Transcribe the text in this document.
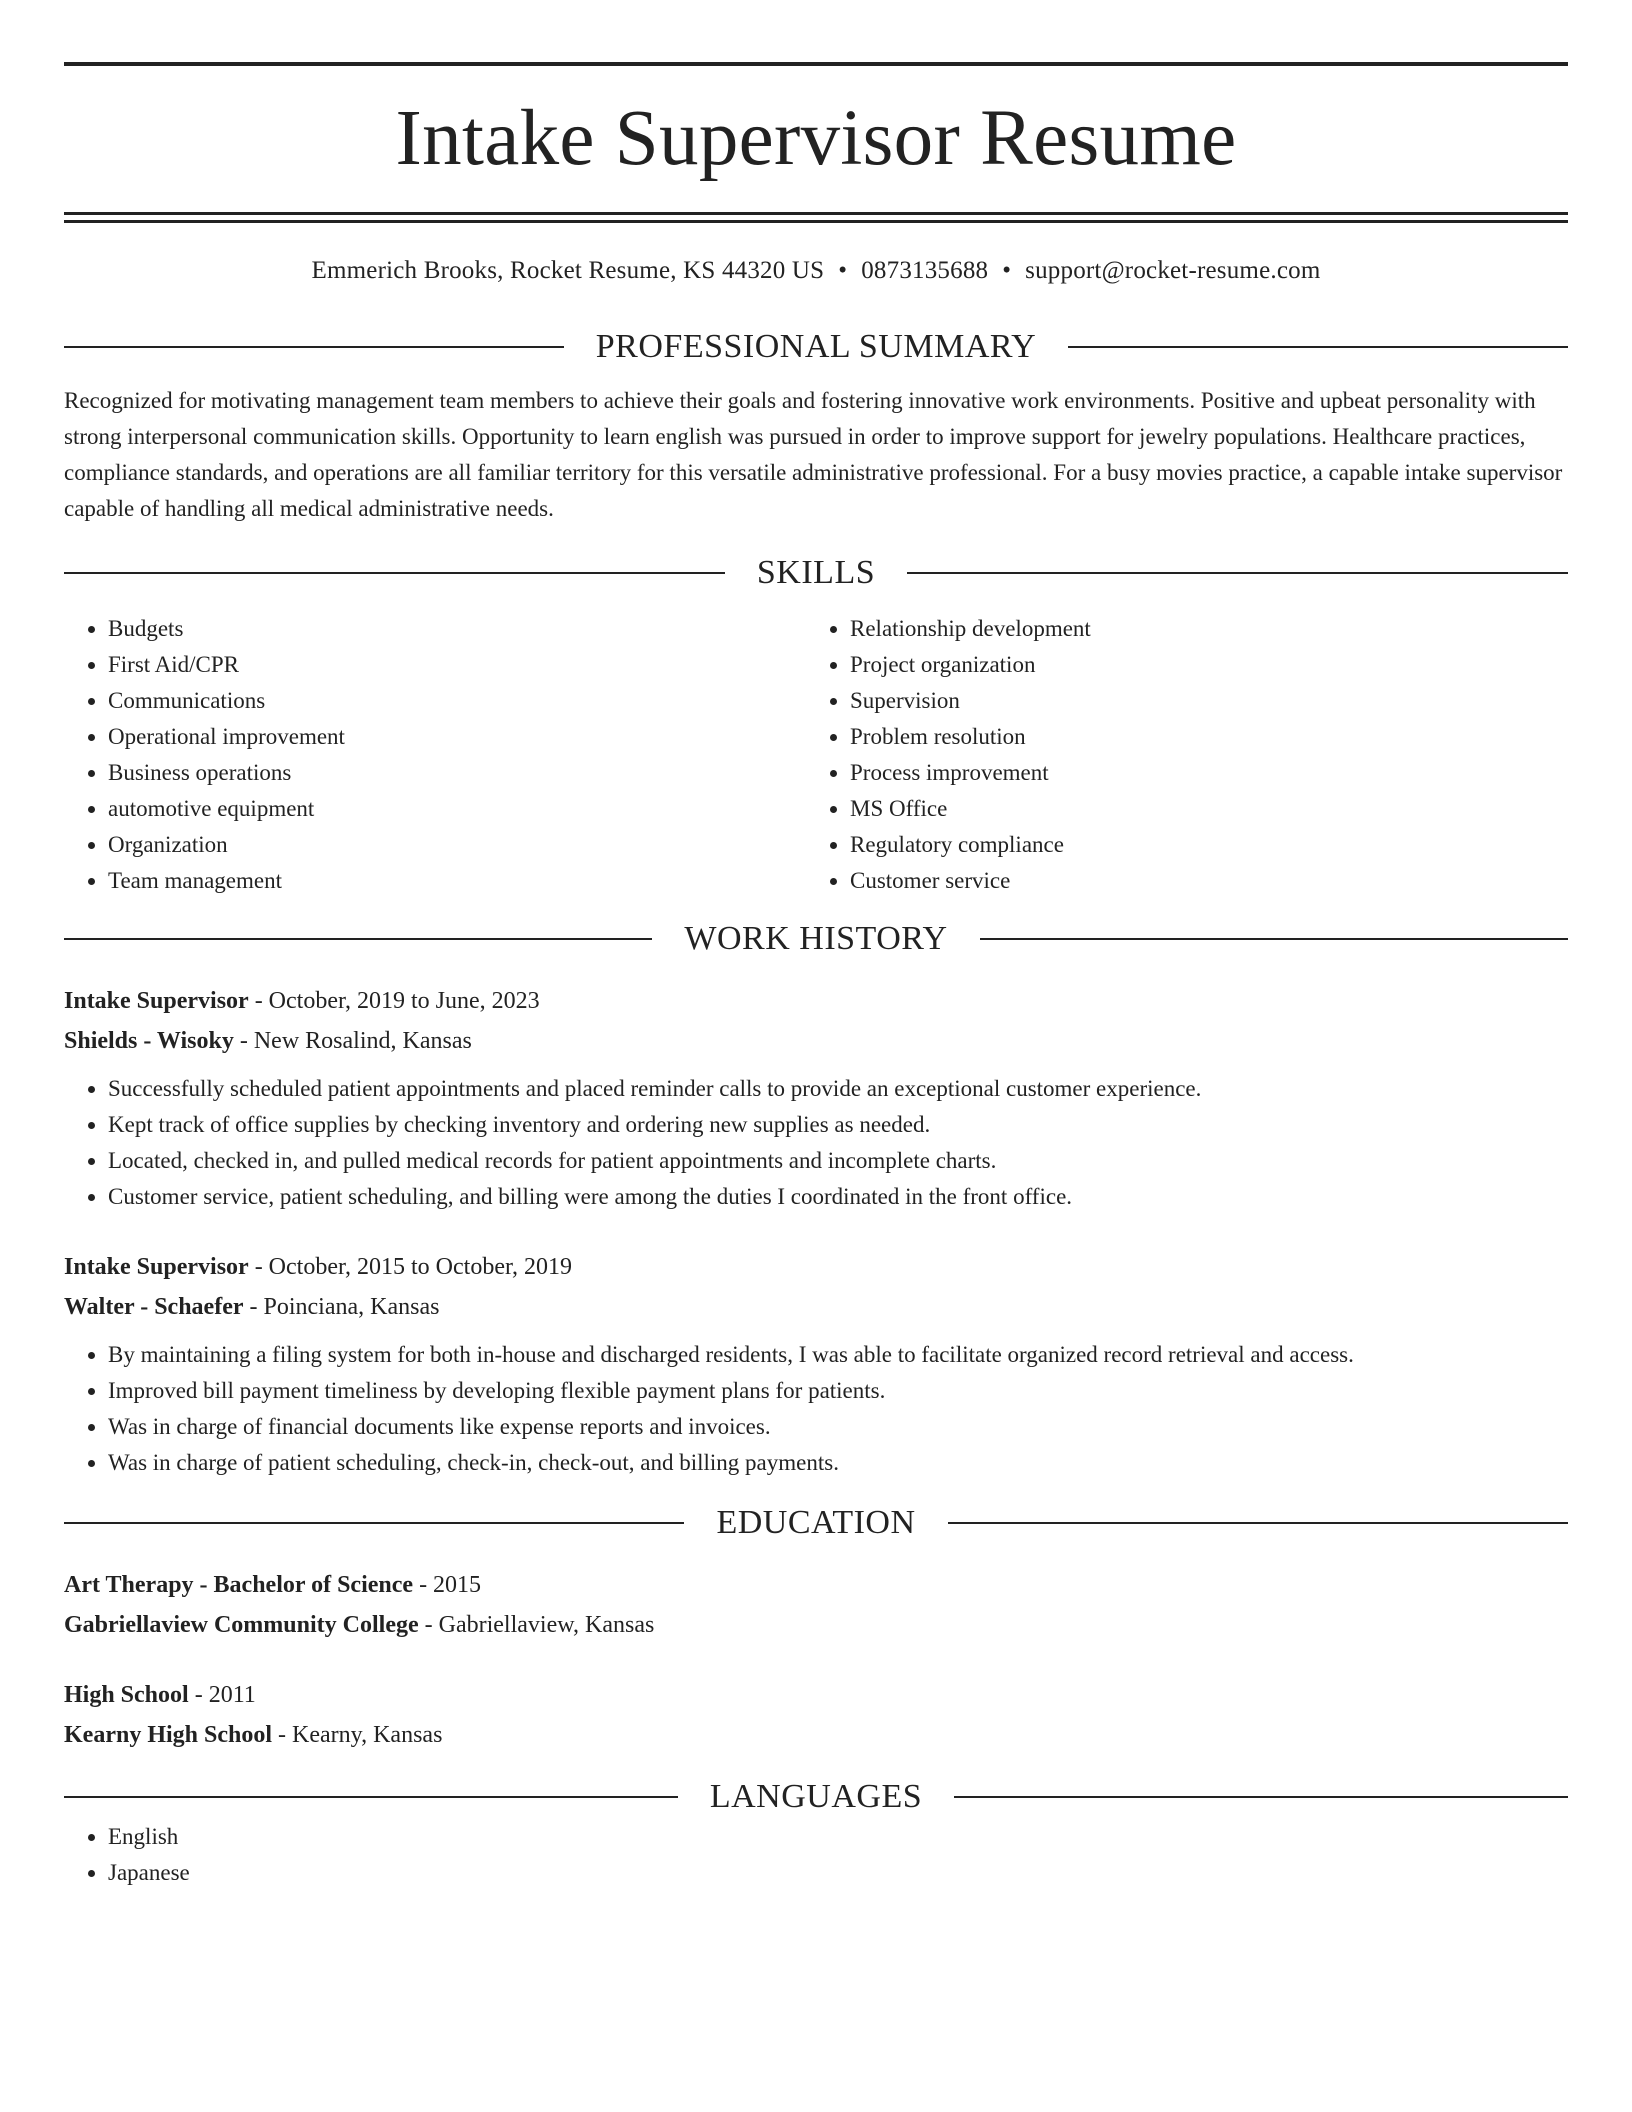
Intake Supervisor Resume
Emmerich Brooks, Rocket Resume, KS 44320 US • 0873135688 • support@rocket-resume.com
PROFESSIONAL SUMMARY
Recognized for motivating management team members to achieve their goals and fostering innovative work environments. Positive and upbeat personality with strong interpersonal communication skills. Opportunity to learn english was pursued in order to improve support for jewelry populations. Healthcare practices, compliance standards, and operations are all familiar territory for this versatile administrative professional. For a busy movies practice, a capable intake supervisor capable of handling all medical administrative needs.
SKILLS
• Budgets
• First Aid/CPR
• Communications
• Operational improvement
• Business operations
• automotive equipment
• Organization
• Team management
• Relationship development
• Project organization
• Supervision
• Problem resolution
• Process improvement
• MS Office
• Regulatory compliance
• Customer service
WORK HISTORY
Intake Supervisor - October, 2019 to June, 2023
Shields - Wisoky - New Rosalind, Kansas
• Successfully scheduled patient appointments and placed reminder calls to provide an exceptional customer experience.
• Kept track of office supplies by checking inventory and ordering new supplies as needed.
• Located, checked in, and pulled medical records for patient appointments and incomplete charts.
• Customer service, patient scheduling, and billing were among the duties I coordinated in the front office.
Intake Supervisor - October, 2015 to October, 2019
Walter - Schaefer - Poinciana, Kansas
• By maintaining a filing system for both in-house and discharged residents, I was able to facilitate organized record retrieval and access.
• Improved bill payment timeliness by developing flexible payment plans for patients.
• Was in charge of financial documents like expense reports and invoices.
• Was in charge of patient scheduling, check-in, check-out, and billing payments.
EDUCATION
Art Therapy - Bachelor of Science - 2015
Gabriellaview Community College - Gabriellaview, Kansas
High School - 2011
Kearny High School - Kearny, Kansas
LANGUAGES
• English
• Japanese
